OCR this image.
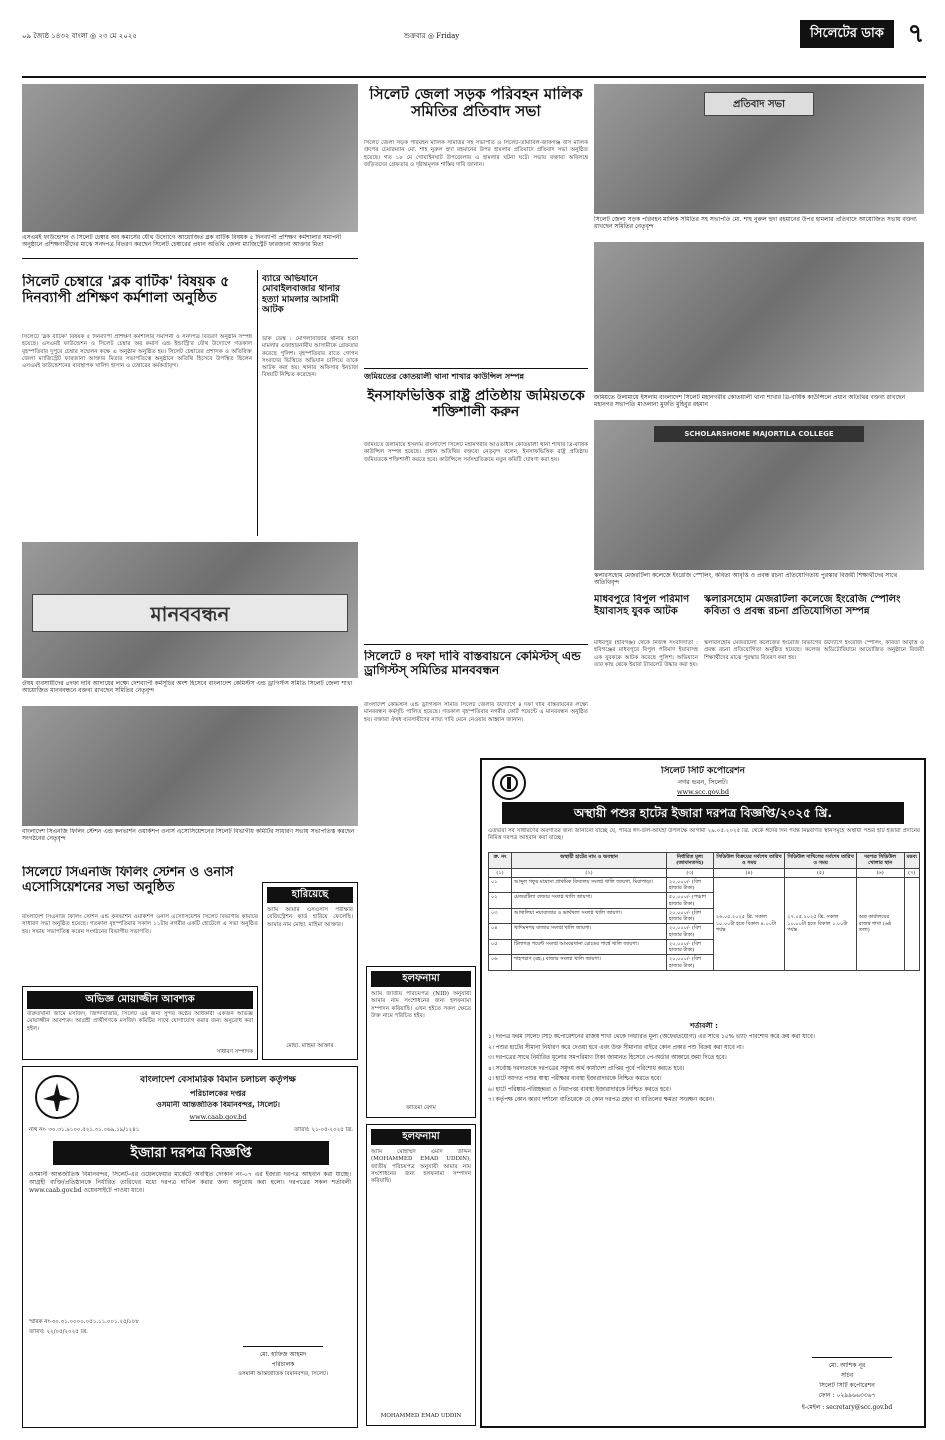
০৯ জ্যৈষ্ঠ ১৪৩২ বাংলা ◎ ২৩ মে ২০২৫	শুক্রবার ◎ Friday	সিলেটের ডাক ৭
এসএমই ফাউন্ডেশন ও সিলেট চেম্বার অব কমার্সের যৌথ উদ্যোগে আয়োজিত ব্লক বাটিক বিষয়ক ৫ দিনব্যাপী প্রশিক্ষণ কর্মশালার সমাপনী অনুষ্ঠানে প্রশিক্ষণার্থীদের মাঝে সনদপত্র বিতরণ করছেন সিলেট চেম্বারের প্রধান অতিথি জেলা ম্যাজিস্ট্রেট ফারজানা আক্তার মিতা
সিলেট চেম্বারে 'ব্লক বাটিক' বিষয়ক ৫ দিনব্যাপী প্রশিক্ষণ কর্মশালা অনুষ্ঠিত
সিলেটে 'ব্লক বাটিক' বিষয়ক ৫ দিনব্যাপী প্রশিক্ষণ কর্মশালার সমাপনী ও সনদপত্র বিতরণ অনুষ্ঠান সম্পন্ন হয়েছে। এসএমই ফাউন্ডেশন ও সিলেট চেম্বার অব কমার্স এন্ড ইন্ডাস্ট্রি'র যৌথ উদ্যোগে গতকাল বৃহস্পতিবার দুপুরে চেম্বার সম্মেলন কক্ষে এ অনুষ্ঠান অনুষ্ঠিত হয়। সিলেট চেম্বারের প্রশাসক ও অতিরিক্ত জেলা ম্যাজিস্ট্রেট ফারজানা আক্তার মিতার সভাপতিত্বে অনুষ্ঠানে অতিথি হিসেবে উপস্থিত ছিলেন এসএমই ফাউন্ডেশনের ব্যবস্থাপক খালিদ হাসান ও চেম্বারের কর্মকর্তাবৃন্দ।
ব্যারে অভিযানে মোবাইলবাজার থানার হত্যা মামলার আসামী আটক
ডাক ডেস্ক : মোগলাবাজার থানার হত্যা মামলার এজাহারনামীয় আসামীকে গ্রেফতার করেছে পুলিশ। বৃহস্পতিবার রাতে গোপন সংবাদের ভিত্তিতে অভিযান চালিয়ে তাকে আটক করা হয়। থানার অফিসার ইনচার্জ বিষয়টি নিশ্চিত করেছেন।
মানববন্ধন
ঔষধ ব্যবসায়ীদের ৪দফা দাবি আদায়ের লক্ষ্যে দেশব্যাপী কর্মসূচির অংশ হিসেবে বাংলাদেশ কেমিস্টস এন্ড ড্রাগিস্টস সমিতি সিলেট জেলা শাখা আয়োজিত মানববন্ধনে বক্তব্য রাখছেন সমিতির নেতৃবৃন্দ
বাংলাদেশ সিএনজি ফিলিং স্টেশন এন্ড কনভার্শন ওয়ার্কশপ ওনার্স এসোসিয়েশনের সিলেট বিভাগীয় কমিটির সাধারণ সভায় সভাপতিত্ব করছেন সংগঠনের নেতৃবৃন্দ
সিলেটে সিএনজি ফিলিং স্টেশন ও ওনার্স এসোসিয়েশনের সভা অনুষ্ঠিত
বাংলাদেশ সিএনজি ফিলিং স্টেশন এন্ড কনভার্শন ওয়ার্কশপ ওনার্স এসোসিয়েশন সিলেট বিভাগীয় কমিটির সাধারণ সভা অনুষ্ঠিত হয়েছে। গতকাল বৃহস্পতিবার সকাল ১১টায় নগরীর একটি হোটেলে এ সভা অনুষ্ঠিত হয়। সভায় সভাপতিত্ব করেন সংগঠনের বিভাগীয় সভাপতি।
অভিজ্ঞ মোয়াজ্জীন আবশ্যক
বারুতখানা জামে মসজিদ, জিন্দাবাজার, সিলেট এর জন্য সুন্দর কণ্ঠের অধিকারী একজন অভিজ্ঞ মোয়াজ্জীন আবশ্যক। আগ্রহী প্রার্থীগণকে মসজিদ কমিটির সাথে যোগাযোগ করার জন্য অনুরোধ করা হইল।
সাধারণ সম্পাদক
হারিয়েছে
আমি আমার এসএসসি পরীক্ষার রেজিস্ট্রেশন কার্ড হারিয়ে ফেলেছি। আমার নাম মোছা. মাহিমা আক্তার।
মোছা. মাহিমা আক্তার
হলফনামা
আমি জাতীয় পরিচয়পত্র (NID) অনুযায়ী আমার নাম সংশোধনের জন্য হলফনামা সম্পাদন করিয়াছি। এখন হইতে সকল ক্ষেত্রে উক্ত নামে পরিচিত হইব।
ফাতিমা বেগম
হলফনামা
আমি মোহাম্মদ এমাদ উদ্দিন (MOHAMMED EMAD UDDIN), জাতীয় পরিচয়পত্র অনুযায়ী আমার নাম সংশোধনের জন্য হলফনামা সম্পাদন করিয়াছি।
MOHAMMED EMAD UDDIN
বাংলাদেশ বেসামরিক বিমান চলাচল কর্তৃপক্ষ
পরিচালকের দপ্তর
ওসমানী আন্তর্জাতিক বিমানবন্দর, সিলেট।
www.caab.gov.bd
নথি নং- ৩০.৩১.৯১০০.৫২১.৩১.০৬৯.১৯/১২৪১	তারিখ: ২১-০৫-২০২৫ খ্রি.
ইজারা দরপত্র বিজ্ঞপ্তি
ওসমানী আন্তর্জাতিক বিমানবন্দর, সিলেট-এর ওয়েলফেয়ার মার্কেটে অবস্থিত দোকান নং-০৭ এর ইজারা দরপত্র আহবান করা যাচ্ছে। আগ্রহী ব্যক্তি/প্রতিষ্ঠানকে নির্ধারিত তারিখের মধ্যে দরপত্র দাখিল করার জন্য অনুরোধ করা হলো। দরপত্রের সকল শর্তাবলী www.caab.gov.bd ওয়েবসাইটে পাওয়া যাবে।
স্মারক নং-৩০.৩১.০০০০.০৫১.১১.০০১.২৫/১৮৮
তারিখ: ২২/০৫/২০২৫ খ্রি.
মো. হাফিজ আহমদ
পরিচালক
ওসমানী আন্তর্জাতিক বিমানবন্দর, সিলেট।
সিলেট জেলা সড়ক পরিবহন মালিক সমিতির প্রতিবাদ সভা
সিলেট জেলা সড়ক পরিবহন মালিক সমিতির সহ সভাপতি ও সিলেট-তামাবিল-জকিগঞ্জ বাস মালিক গ্রুপের চেয়ারম্যান মো. শাহ নুরুল হুদা রহমানের উপর হামলার প্রতিবাদে প্রতিবাদ সভা অনুষ্ঠিত হয়েছে। গত ১৮ মে গোয়াইনঘাট উপজেলায় এ হামলার ঘটনা ঘটে। সভায় বক্তারা অবিলম্বে জড়িতদের গ্রেফতার ও দৃষ্টান্তমূলক শাস্তির দাবি জানান।
জমিয়তের কোতয়ালী থানা শাখার কাউন্সিল সম্পন্ন
ইনসাফভিত্তিক রাষ্ট্র প্রতিষ্ঠায় জমিয়তকে শক্তিশালী করুন
জমিয়তে উলামায়ে ইসলাম বাংলাদেশ সিলেট মহানগরীর আওতাধীন কোতয়ালী থানা শাখার ত্রি-বার্ষিক কাউন্সিল সম্পন্ন হয়েছে। প্রধান অতিথির বক্তব্যে নেতৃবৃন্দ বলেন, ইনসাফভিত্তিক রাষ্ট্র প্রতিষ্ঠায় জমিয়তকে শক্তিশালী করতে হবে। কাউন্সিলে সর্বসম্মতিক্রমে নতুন কমিটি ঘোষণা করা হয়।
সিলেটে ৪ দফা দাবি বাস্তবায়নে কেমিস্টস্ এন্ড ড্রাগিস্টস্ সমিতির মানববন্ধন
বাংলাদেশ কেমিস্টস এন্ড ড্রাগিস্টস সমিতি সিলেট জেলার উদ্যোগে ৪ দফা দাবি বাস্তবায়নের লক্ষ্যে মানববন্ধন কর্মসূচি পালিত হয়েছে। গতকাল বৃহস্পতিবার নগরীর কোর্ট পয়েন্টে এ মানববন্ধন অনুষ্ঠিত হয়। বক্তারা ঔষধ ব্যবসায়ীদের ন্যায্য দাবি মেনে নেওয়ার আহ্বান জানান।
মাধবপুরে বিপুল পরিমাণ ইয়াবাসহ যুবক আটক
মাধবপুর (হবিগঞ্জ) থেকে নিজস্ব সংবাদদাতা : হবিগঞ্জের মাধবপুরে বিপুল পরিমাণ ইয়াবাসহ এক যুবককে আটক করেছে পুলিশ। অভিযানে তার কাছ থেকে ইয়াবা ট্যাবলেট উদ্ধার করা হয়।
প্রতিবাদ সভা
সিলেট জেলা সড়ক পরিবহন মালিক সমিতির সহ সভাপতি মো. শাহ নুরুল হুদা রহমানের উপর হামলার প্রতিবাদে আয়োজিত সভায় বক্তব্য রাখছেন সমিতির নেতৃবৃন্দ
জমিয়তে উলামায়ে ইসলাম বাংলাদেশ সিলেট মহানগরীর কোতয়ালী থানা শাখার ত্রি-বার্ষিক কাউন্সিলে প্রধান অতিথির বক্তব্য রাখছেন মহানগর সভাপতি মাওলানা মুফতি মুহিবুর রহমান
SCHOLARSHOME MAJORTILA COLLEGE
স্কলারসহোম মেজরটিলা কলেজে ইংরেজি স্পেলিং, কবিতা আবৃত্তি ও প্রবন্ধ রচনা প্রতিযোগিতায় পুরস্কার বিজয়ী শিক্ষার্থীদের সাথে অতিথিবৃন্দ
স্কলারসহোম মেজরটিলা কলেজে ইংরেজি স্পেলিং কবিতা ও প্রবন্ধ রচনা প্রতিযোগিতা সম্পন্ন
স্কলারসহোম মেজরটিলা কলেজের ইংরেজি বিভাগের উদ্যোগে ইংরেজি স্পেলিং, কবিতা আবৃত্তি ও প্রবন্ধ রচনা প্রতিযোগিতা অনুষ্ঠিত হয়েছে। কলেজ অডিটোরিয়ামে আয়োজিত অনুষ্ঠানে বিজয়ী শিক্ষার্থীদের মাঝে পুরস্কার বিতরণ করা হয়।
সিলেট সিটি কর্পোরেশন
নগর ভবন, সিলেট।
www.scc.gov.bd
অস্থায়ী পশুর হাটের ইজারা দরপত্র বিজ্ঞপ্তি/২০২৫ খ্রি.
এতদ্বারা সর্ব সাধারণের অবগতির জন্য জানানো যাচ্ছে যে, পবিত্র ঈদ-উল-আযহা উপলক্ষে আগামী ২৯.০৫.২০২৫ খ্রি. থেকে ঈদের দিন পর্যন্ত নিম্নবর্ণিত স্থানসমূহে অস্থায়ী পশুর হাট ইজারা প্রদানের নিমিত্ত দরপত্র আহবান করা যাচ্ছে।
ক্র. নং	অস্থায়ী হাটের নাম ও অবস্থান	নির্ধারিত মূল্য (জামানতসহ)	সিডিউল বিক্রয়ের সর্বশেষ তারিখ ও সময়	সিডিউল দাখিলের সর্বশেষ তারিখ ও সময়	দরপত্র সিডিউল খোলার স্থান	মন্তব্য
(১)	(২)	(৩)	(৪)	(৫)	(৬)	(৭)
০১	আব্দুল গফুর মাদ্রাসা প্রাথমিক বিদ্যালয় সংলগ্ন খালি জায়গা, মিরাপাড়া।	২০,০০০/- (বিশ হাজার টাকা)	২৬.০৫.২০২৫ খ্রি. সকাল ১০.০০টা হতে বিকাল ৪.০০টা পর্যন্ত	২৭.০৫.২০২৫ খ্রি. সকাল ১০.০০টা হতে বিকাল ১.০০টা পর্যন্ত	অত্র কার্যালয়ের রাজস্ব শাখা (৬ষ্ঠ তলা)	
০২	মেজরটিলা বাজার সংলগ্ন খালি জায়গা।	৫০,০০০/- (পঞ্চাশ হাজার টাকা)				
০৩	আখালিয়া নয়াবাজার ও ভার্থখলা সংলগ্ন খালি জায়গা।	২০,০০০/- (বিশ হাজার টাকা)				
০৪	খাদিমনগর বাজার সংলগ্ন খালি জায়গা।	২০,০০০/- (বিশ হাজার টাকা)				
০৫	টিলাগড় পয়েন্ট সংলগ্ন আমবরখানা রোডের পার্শ্বে খালি জায়গা।	২০,০০০/- (বিশ হাজার টাকা)				
০৬	শাহপরাণ (রহ.) বাজার সংলগ্ন খালি জায়গা।	২০,০০০/- (বিশ হাজার টাকা)				
শর্তাবলী :
১। দরপত্র ফরম সিলেট সিটি কর্পোরেশনের রাজস্ব শাখা থেকে নির্ধারিত মূল্য (অফেরতযোগ্য) এর সাথে ১৫% ভ্যাট পরিশোধ করে ক্রয় করা যাবে।
২। পশুর হাটের সীমানা নির্ধারণ করে দেওয়া হবে এবং উক্ত সীমানার বাইরে কোন প্রকার পশু বিক্রয় করা যাবে না।
৩। দরপত্রের সাথে নির্ধারিত মূল্যের সমপরিমাণ টাকা জামানত হিসেবে পে-অর্ডার আকারে জমা দিতে হবে।
৪। সর্বোচ্চ দরদাতাকে দরপত্রের সমুদয় অর্থ কার্যাদেশ প্রাপ্তির পূর্বে পরিশোধ করতে হবে।
৫। হাটে আগত পশুর স্বাস্থ্য পরীক্ষার ব্যবস্থা ইজারাদারকে নিশ্চিত করতে হবে।
৬। হাটে পরিষ্কার-পরিচ্ছন্নতা ও নিরাপত্তা ব্যবস্থা ইজারাদারকে নিশ্চিত করতে হবে।
৭। কর্তৃপক্ষ কোন কারণ দর্শানো ব্যতিরেকে যে কোন দরপত্র গ্রহণ বা বাতিলের ক্ষমতা সংরক্ষণ করেন।
মো. আশিক নূর
সচিব
সিলেট সিটি কর্পোরেশন
ফোন : ০২৯৯৬৬৩৩৬৭
ই-মেইল : secretary@scc.gov.bd
